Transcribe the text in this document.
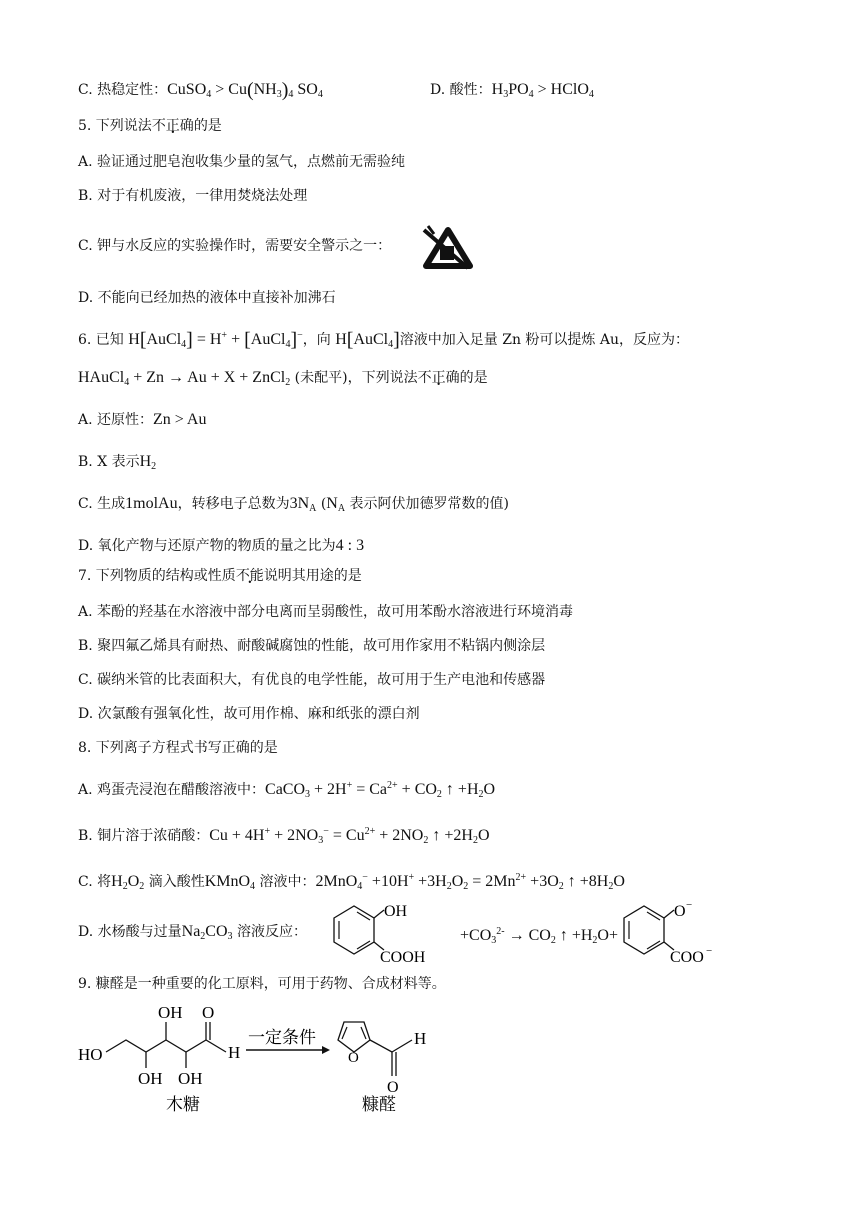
C. 热稳定性：CuSO$_4$ > $Cu(NH_3)_4$ $SO_4$	D. 酸性：$H_3PO_4$ > HClO$_4$
5. 下列说法不正确的是
A. 验证通过肥皂泡收集少量的氢气，点燃前无需验纯
B. 对于有机废液，一律用焚烧法处理
C. 钾与水反应的实验操作时，需要安全警示之一：
D. 不能向已经加热的液体中直接补加沸石
6. 已知 H[AuCl$_4$] = H+ + [AuCl$_4$]−，向 H[AuCl$_4$]溶液中加入足量 Zn 粉可以提炼 Au，反应为：
HAuCl$_4$ + Zn → Au + X + ZnCl$_2$ (未配平)，下列说法不正确的是
A. 还原性：Zn > Au
B. X 表示$H_2$
C. 生成1molAu，转移电子总数为$3N_A$ ($N_A$ 表示阿伏加德罗常数的值)
D. 氧化产物与还原产物的物质的量之比为4 : 3
7. 下列物质的结构或性质不能说明其用途的是
A. 苯酚的羟基在水溶液中部分电离而呈弱酸性，故可用苯酚水溶液进行环境消毒
B. 聚四氟乙烯具有耐热、耐酸碱腐蚀的性能，故可用作家用不粘锅内侧涂层
C. 碳纳米管的比表面积大，有优良的电学性能，故可用于生产电池和传感器
D. 次氯酸有强氧化性，故可用作棉、麻和纸张的漂白剂
8. 下列离子方程式书写正确的是
A. 鸡蛋壳浸泡在醋酸溶液中：CaCO$_3$ + $2H^+ = Ca^{2+} + CO_2$ ↑ $+H_2O$
B. 铜片溶于浓硝酸：$Cu + 4H^+ + 2NO_3^- = Cu^{2+} + 2NO_2$ ↑ $+2H_2O$
C. 将$H_2O_2$ 滴入酸性KMnO$_4$ 溶液中：$2MnO_4^- +10H^+ +3H_2O_2 = 2Mn^{2+} +3O_2$ ↑ $+8H_2O$
D. 水杨酸与过量$Na_2CO_3$ 溶液反应：
OH
COOH
$+CO_3^{2-} \to CO_2$ ↑ $+H_2O+$
O −
COO −
9. 糠醛是一种重要的化工原料，可用于药物、合成材料等。
HO
OH
OH OH
O
H
木糖
一定条件
O
O
H
糠醛
